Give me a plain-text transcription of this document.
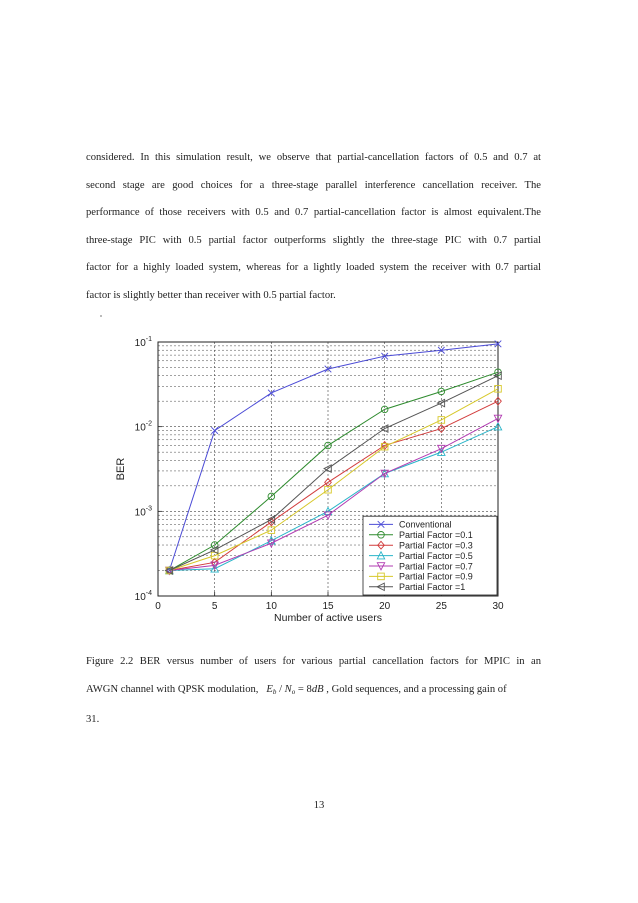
considered. In this simulation result, we observe that partial-cancellation factors of 0.5 and 0.7 at
second stage are good choices for a three-stage parallel interference cancellation receiver. The
performance of those receivers with 0.5 and 0.7 partial-cancellation factor is almost equivalent.The
three-stage PIC with 0.5 partial factor outperforms slightly the three-stage PIC with 0.7 partial
factor for a highly loaded system, whereas for a lightly loaded system the receiver with 0.7 partial
factor is slightly better than receiver with 0.5 partial factor.
0	5	10	15	20	25	30
$10^{-4}$
$10^{-3}$
$10^{-2}$
$10^{-1}$
Conventional
Partial Factor =0.1
Partial Factor =0.3
Partial Factor =0.5
Partial Factor =0.7
Partial Factor =0.9
Partial Factor =1
Number of active users
BER
Figure 2.2 BER versus number of users for various partial cancellation factors for MPIC in an
AWGN channel with QPSK modulation, $E_b / N_o = 8dB$ , Gold sequences, and a processing gain of
31.
13
